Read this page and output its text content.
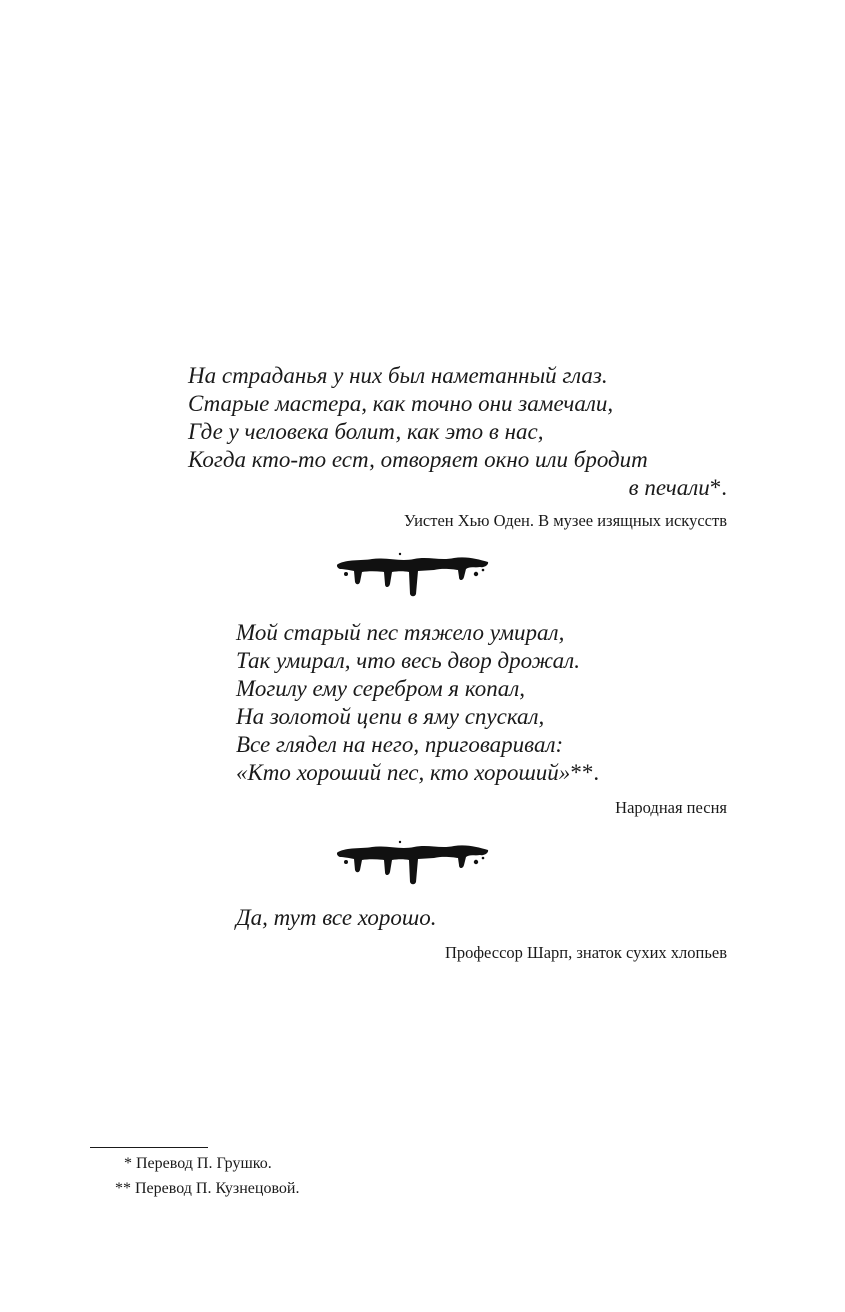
На страданья у них был наметанный глаз.
Старые мастера, как точно они замечали,
Где у человека болит, как это в нас,
Когда кто-то ест, отворяет окно или бродит
в печали*.
Уистен Хью Оден. В музее изящных искусств
Мой старый пес тяжело умирал,
Так умирал, что весь двор дрожал.
Могилу ему серебром я копал,
На золотой цепи в яму спускал,
Все глядел на него, приговаривал:
«Кто хороший пес, кто хороший»**.
Народная песня
Да, тут все хорошо.
Профессор Шарп, знаток сухих хлопьев
* Перевод П. Грушко.
** Перевод П. Кузнецовой.
